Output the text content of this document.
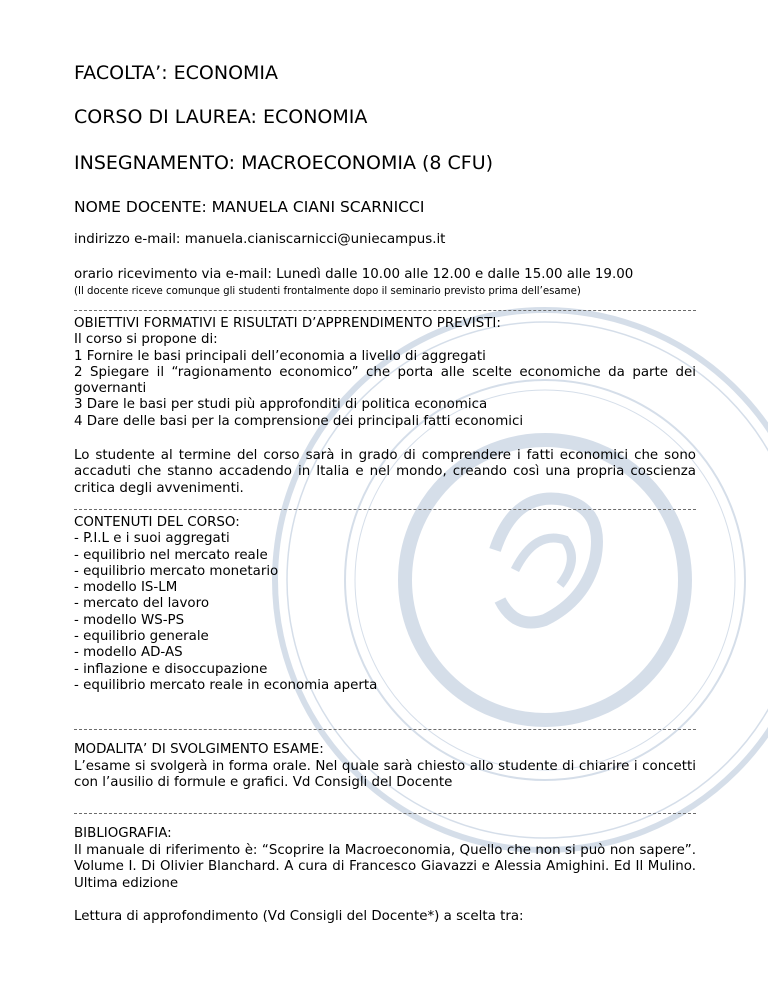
FACOLTA’: ECONOMIA
CORSO DI LAUREA: ECONOMIA
INSEGNAMENTO: MACROECONOMIA (8 CFU)
NOME DOCENTE: MANUELA CIANI SCARNICCI
indirizzo e-mail: manuela.cianiscarnicci@uniecampus.it
orario ricevimento via e-mail: Lunedì dalle 10.00 alle 12.00 e dalle 15.00 alle 19.00
(Il docente riceve comunque gli studenti frontalmente dopo il seminario previsto prima dell’esame)
OBIETTIVI FORMATIVI E RISULTATI D’APPRENDIMENTO PREVISTI:
Il corso si propone di:
1 Fornire le basi principali dell’economia a livello di aggregati
2 Spiegare il “ragionamento economico” che porta alle scelte economiche da parte dei governanti
3 Dare le basi per studi più approfonditi di politica economica
4 Dare delle basi per la comprensione dei principali fatti economici
Lo studente al termine del corso sarà in grado di comprendere i fatti economici che sono accaduti che stanno accadendo in Italia e nel mondo, creando così una propria coscienza critica degli avvenimenti.
CONTENUTI DEL CORSO:
- P.I.L e i suoi aggregati
- equilibrio nel mercato reale
- equilibrio mercato monetario
- modello IS-LM
- mercato del lavoro
- modello WS-PS
- equilibrio generale
- modello AD-AS
- inflazione e disoccupazione
- equilibrio mercato reale in economia aperta
MODALITA’ DI SVOLGIMENTO ESAME:
L’esame si svolgerà in forma orale. Nel quale sarà chiesto allo studente di chiarire i concetti con l’ausilio di formule e grafici. Vd Consigli del Docente
BIBLIOGRAFIA:
Il manuale di riferimento è: “Scoprire la Macroeconomia, Quello che non si può non sapere”. Volume I. Di Olivier Blanchard. A cura di Francesco Giavazzi e Alessia Amighini. Ed Il Mulino. Ultima edizione
Lettura di approfondimento (Vd Consigli del Docente*) a scelta tra:
